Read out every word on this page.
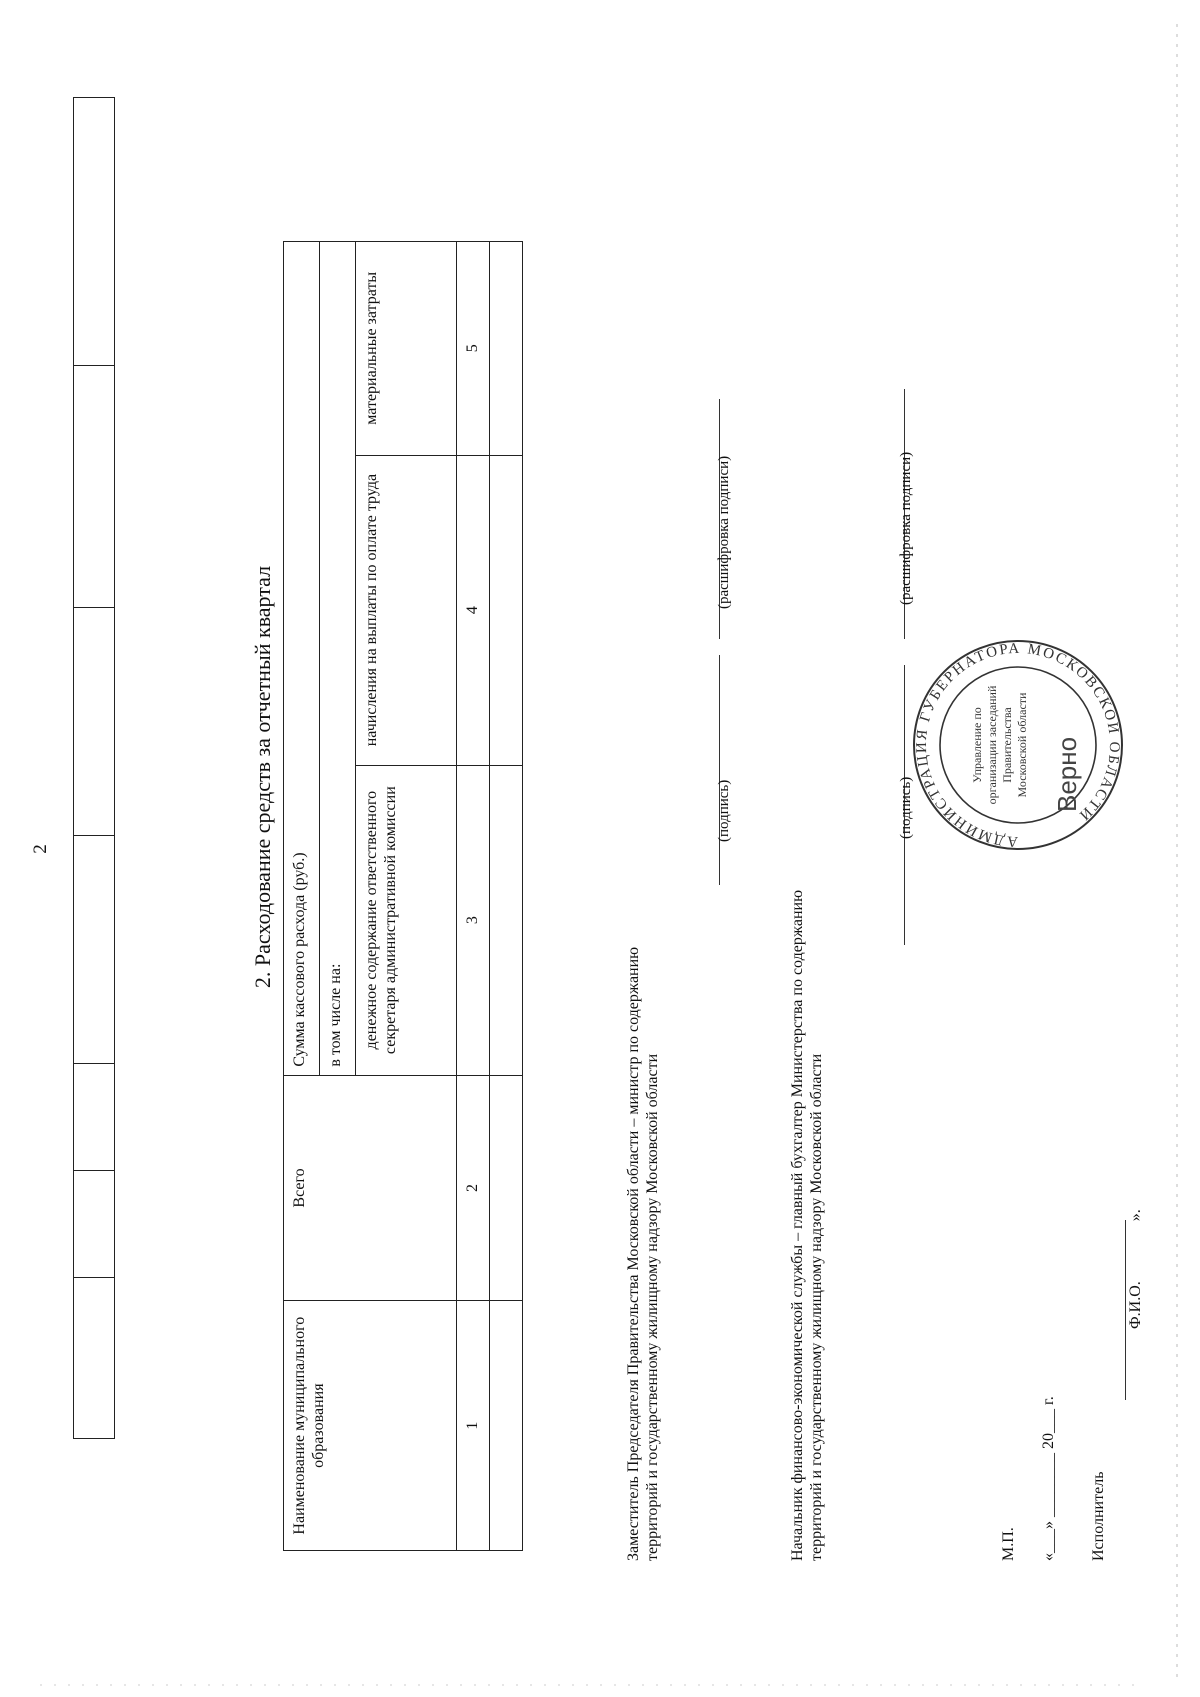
2	2. Расходование средств за отчетный квартал
Наименование муниципального образования	Всего	Сумма кассового расхода (руб.)		
		в том числе на:		
		денежное содержание ответственного секретаря административной комиссии	начисления на выплаты по оплате труда	материальные затраты
1	2	3	4	5

Заместитель Председателя Правительства Московской области – министр по содержанию территорий и государственному жилищному надзору Московской области	Начальник финансово-экономической службы – главный бухгалтер Министерства по содержанию территорий и государственному жилищному надзору Московской области
(подпись)
(расшифровка подписи)
(подпись)
(расшифровка подписи)
АДМИНИСТРАЦИЯ ГУБЕРНАТОРА МОСКОВСКОЙ ОБЛАСТИ
Управление по организации заседаний Правительства Московской области Верно
М.П. «___» ________ 20___ г. Исполнитель
Ф.И.О.».
